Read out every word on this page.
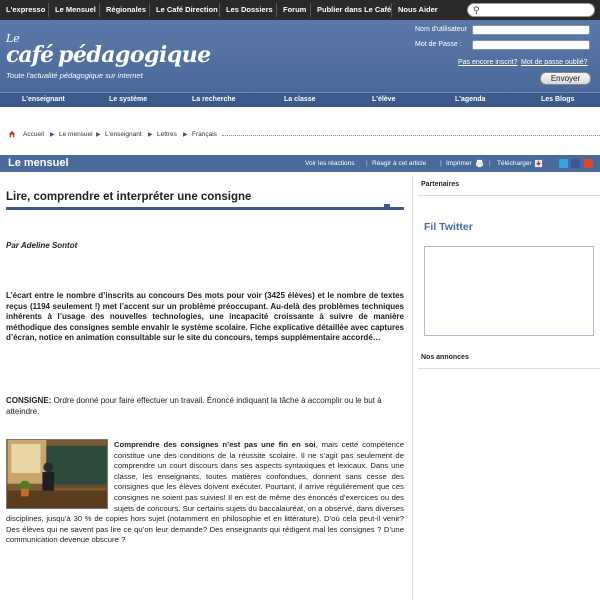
L'expresso Le Mensuel Régionales Le Café Direction Les Dossiers Forum Publier dans Le Café Nous Aider	⚲
Le
café pédagogique
Toute l'actualité pédagogique sur internet
Nom d'utilisateur
Mot de Passe :
Pas encore inscrit? Mot de passe oublié?
Envoyer
L'enseignant	Le système	La recherche	La classe	L'élève	L'agenda	Les Blogs
Accueil ▶ Le mensuel ▶ L'enseignant ▶ Lettres ▶ Français
Le mensuel	Voir les réactions | Réagir à cet article | Imprimer	| Télécharger
Lire, comprendre et interpréter une consigne
Par Adeline Sontot
L’écart entre le nombre d’inscrits au concours Des mots pour voir (3425 élèves) et le nombre de textes reçus (1194 seulement !) met l’accent sur un problème préoccupant. Au-delà des problèmes techniques inhérents à l’usage des nouvelles technologies, une incapacité croissante à suivre de manière méthodique des consignes semble envahir le système scolaire. Fiche explicative détaillée avec captures d’écran, notice en animation consultable sur le site du concours, temps supplémentaire accordé…
CONSIGNE: Ordre donné pour faire effectuer un travail. Énoncé indiquant la tâche à accomplir ou le but à atteindre.
Comprendre des consignes n’est pas une fin en soi, mais cette compétence constitue une des conditions de la réussite scolaire. Il ne s’agit pas seulement de comprendre un court discours dans ses aspects syntaxiques et lexicaux. Dans une classe, les enseignants, toutes matières confondues, donnent sans cesse des consignes que les élèves doivent exécuter. Pourtant, il arrive régulièrement que ces consignes ne soient pas suivies! Il en est de même des énoncés d’exercices ou des sujets de concours. Sur certains sujets du baccalauréat, on a observé, dans diverses disciplines, jusqu’à 30 % de copies hors sujet (notamment en philosophie et en littérature). D’où cela peut-il venir? Des élèves qui ne savent pas lire ce qu’on leur demande? Des enseignants qui rédigent mal les consignes ? D’une communication devenue obscure ?
Partenaires
Fil Twitter
Nos annonces
